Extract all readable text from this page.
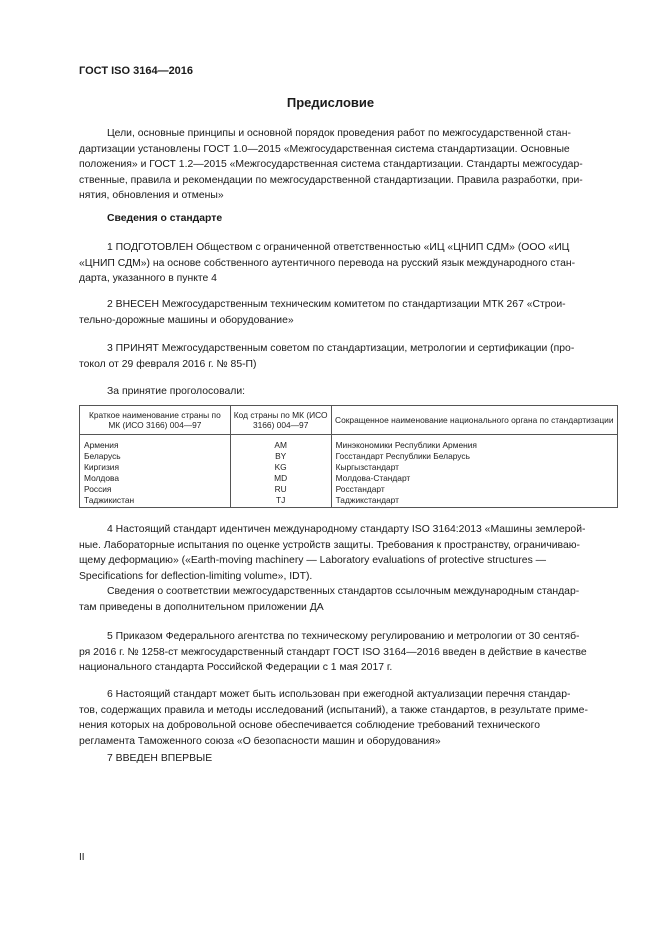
ГОСТ ISO 3164—2016
Предисловие

Цели, основные принципы и основной порядок проведения работ по межгосударственной стан-

дартизации установлены ГОСТ 1.0—2015 «Межгосударственная система стандартизации. Основные
положения» и ГОСТ 1.2—2015 «Межгосударственная система стандартизации. Стандарты межгосудар-
ственные, правила и рекомендации по межгосударственной стандартизации. Правила разработки, при-
нятия, обновления и отмены»
Сведения о стандарте

1 ПОДГОТОВЛЕН Обществом с ограниченной ответственностью «ИЦ «ЦНИП СДМ» (ООО «ИЦ

«ЦНИП СДМ») на основе собственного аутентичного перевода на русский язык международного стан-
дарта, указанного в пункте 4

2 ВНЕСЕН Межгосударственным техническим комитетом по стандартизации МТК 267 «Строи-

тельно-дорожные машины и оборудование»

3 ПРИНЯТ Межгосударственным советом по стандартизации, метрологии и сертификации (про-

токол от 29 февраля 2016 г. № 85-П)
За принятие проголосовали:
Краткое наименование страны по МК (ИСО 3166) 004—97	Код страны по МК (ИСО 3166) 004—97	Сокращенное наименование национального органа по стандартизации
Армения	AM	Минэкономики Республики Армения
Беларусь	BY	Госстандарт Республики Беларусь
Киргизия	KG	Кыргызстандарт
Молдова	MD	Молдова-Стандарт
Россия	RU	Росстандарт
Таджикистан	TJ	Таджикстандарт

4 Настоящий стандарт идентичен международному стандарту ISO 3164:2013 «Машины землерой-

ные. Лабораторные испытания по оценке устройств защиты. Требования к пространству, ограничиваю-
щему деформацию» («Earth-moving machinery — Laboratory evaluations of protective structures —
Specifications for deflection-limiting volume», IDT).

Сведения о соответствии межгосударственных стандартов ссылочным международным стандар-

там приведены в дополнительном приложении ДА

5 Приказом Федерального агентства по техническому регулированию и метрологии от 30 сентяб-

ря 2016 г. № 1258-ст межгосударственный стандарт ГОСТ ISO 3164—2016 введен в действие в качестве
национального стандарта Российской Федерации с 1 мая 2017 г.

6 Настоящий стандарт может быть использован при ежегодной актуализации перечня стандар-

тов, содержащих правила и методы исследований (испытаний), а также стандартов, в результате приме-
нения которых на добровольной основе обеспечивается соблюдение требований технического
регламента Таможенного союза «О безопасности машин и оборудования»
7 ВВЕДЕН ВПЕРВЫЕ
II
